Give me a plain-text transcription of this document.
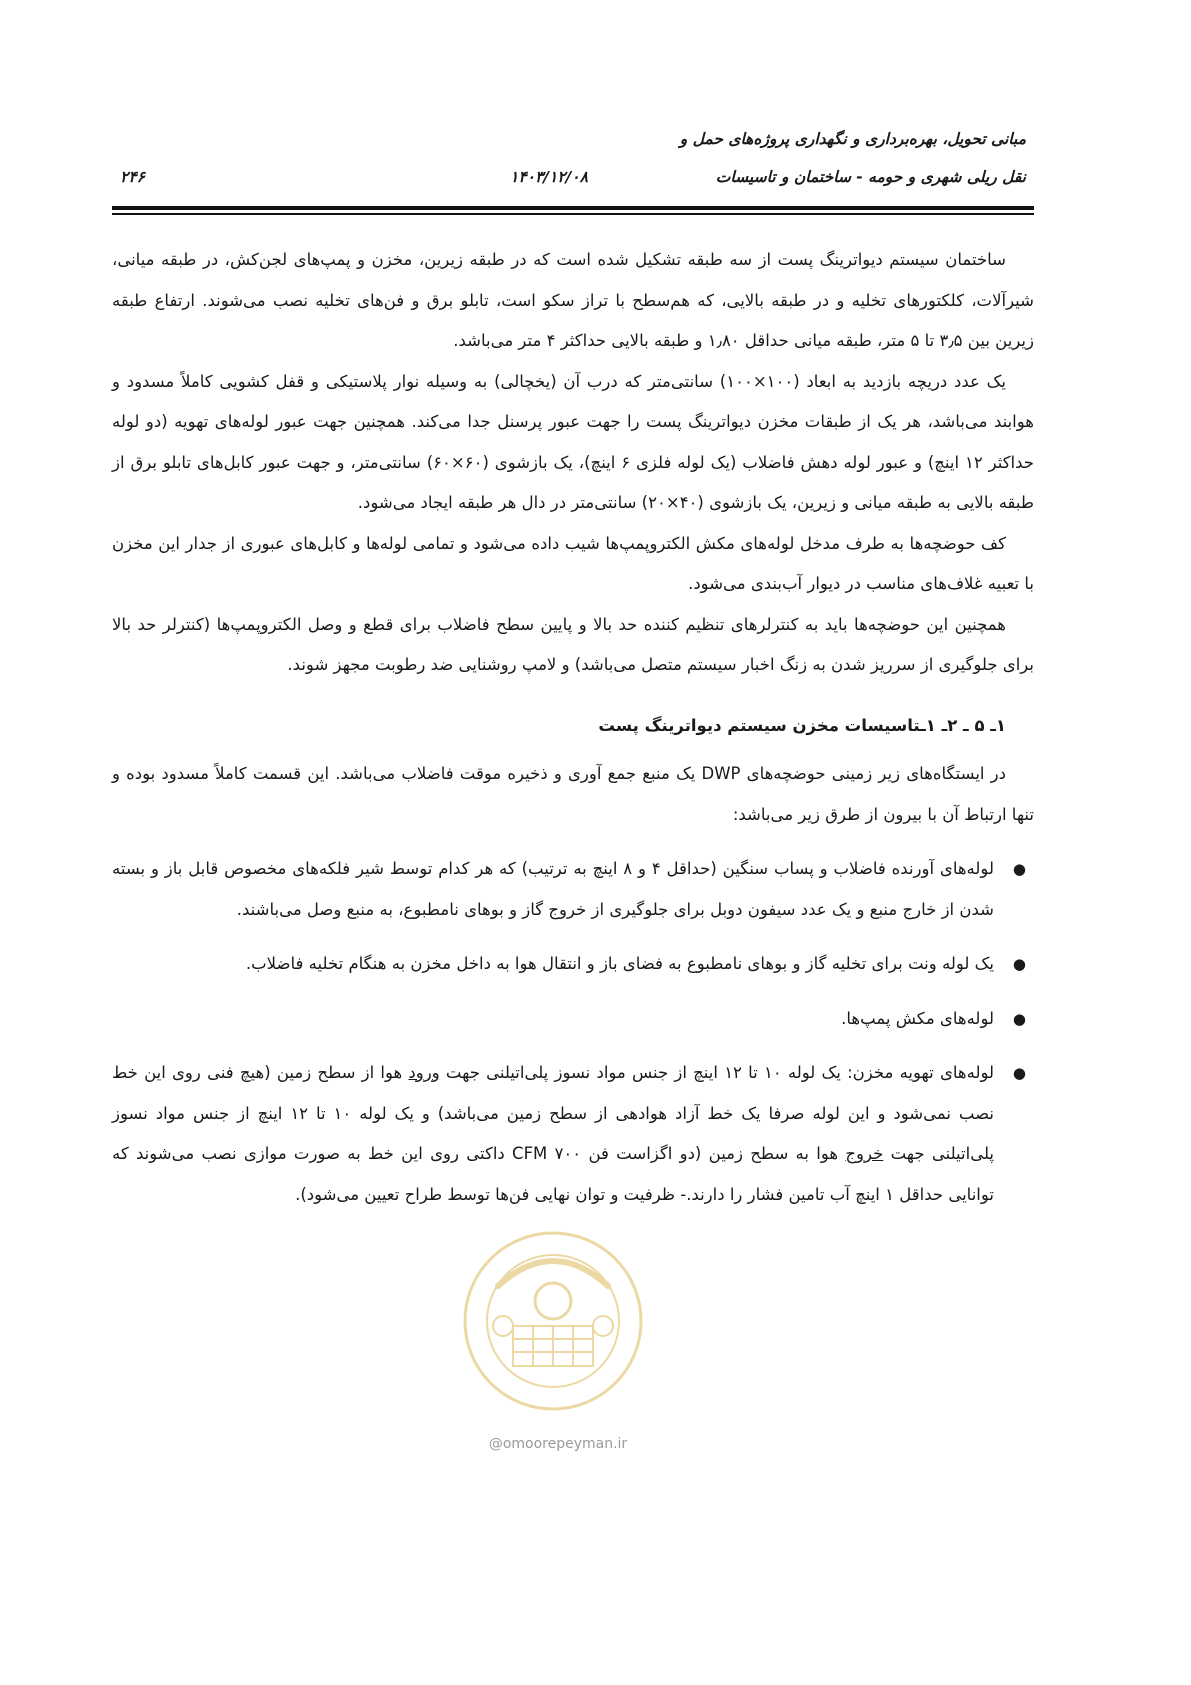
مبانی تحویل، بهره‌برداری و نگهداری پروژه‌های حمل و
نقل ریلی شهری و حومه - ساختمان و تاسیسات
۱۴۰۳/۱۲/۰۸
۲۴۶

ساختمان سیستم دیواترینگ پست از سه طبقه تشکیل شده است که در طبقه زیرین، مخزن و پمپ‌های لجن‌کش، در طبقه میانی، شیرآلات، کلکتورهای تخلیه و در طبقه بالایی، که هم‌سطح با تراز سکو است، تابلو برق و فن‌های تخلیه نصب می‌شوند. ارتفاع طبقه زیرین بین ۳٫۵ تا ۵ متر، طبقه میانی حداقل ۱٫۸۰ و طبقه بالایی حداکثر ۴ متر می‌باشد.

یک عدد دریچه بازدید به ابعاد (۱۰۰×۱۰۰) سانتی‌متر که درب آن (یخچالی) به وسیله نوار پلاستیکی و قفل کشویی کاملاً مسدود و هوابند می‌باشد، هر یک از طبقات مخزن دیواترینگ پست را جهت عبور پرسنل جدا می‌کند. همچنین جهت عبور لوله‌های تهویه (دو لوله حداکثر ۱۲ اینچ) و عبور لوله دهش فاضلاب (یک لوله فلزی ۶ اینچ)، یک بازشوی (۶۰×۶۰) سانتی‌متر، و جهت عبور کابل‌های تابلو برق از طبقه بالایی به طبقه میانی و زیرین، یک بازشوی (۴۰×۲۰) سانتی‌متر در دال هر طبقه ایجاد می‌شود.

کف حوضچه‌ها به طرف مدخل لوله‌های مکش الکتروپمپ‌ها شیب داده می‌شود و تمامی لوله‌ها و کابل‌های عبوری از جدار این مخزن با تعبیه غلاف‌های مناسب در دیوار آب‌بندی می‌شود.

همچنین این حوضچه‌ها باید به کنترلرهای تنظیم کننده حد بالا و پایین سطح فاضلاب برای قطع و وصل الکتروپمپ‌ها (کنترلر حد بالا برای جلوگیری از سرریز شدن به زنگ اخبار سیستم متصل می‌باشد) و لامپ روشنایی ضد رطوبت مجهز شوند.

۱ـ ۵ ـ ۲ـ ۱ـتاسیسات مخزن سیستم دیواترینگ پست

در ایستگاه‌های زیر زمینی حوضچه‌های DWP یک منبع جمع آوری و ذخیره موقت فاضلاب می‌باشد. این قسمت کاملاً مسدود بوده و تنها ارتباط آن با بیرون از طرق زیر می‌باشد:

●
لوله‌های آورنده فاضلاب و پساب سنگین (حداقل ۴ و ۸ اینچ به ترتیب) که هر کدام توسط شیر فلکه‌های مخصوص قابل باز و بسته شدن از خارج منبع و یک عدد سیفون دوبل برای جلوگیری از خروج گاز و بوهای نامطبوع، به منبع وصل می‌باشند.
●
یک لوله ونت برای تخلیه گاز و بوهای نامطبوع به فضای باز و انتقال هوا به داخل مخزن به هنگام تخلیه فاضلاب.
●
لوله‌های مکش پمپ‌ها.
●
لوله‌های تهویه مخزن: یک لوله ۱۰ تا ۱۲ اینچ از جنس مواد نسوز پلی‌اتیلنی جهت ورود هوا از سطح زمین (هیچ فنی روی این خط نصب نمی‌شود و این لوله صرفا یک خط آزاد هوادهی از سطح زمین می‌باشد) و یک لوله ۱۰ تا ۱۲ اینچ از جنس مواد نسوز پلی‌اتیلنی جهت خروج هوا به سطح زمین (دو اگزاست فن CFM ۷۰۰ داکتی روی این خط به صورت موازی نصب می‌شوند که توانایی حداقل ۱ اینچ آب تامین فشار را دارند.- ظرفیت و توان نهایی فن‌ها توسط طراح تعیین می‌شود).
@omoorepeyman.ir
